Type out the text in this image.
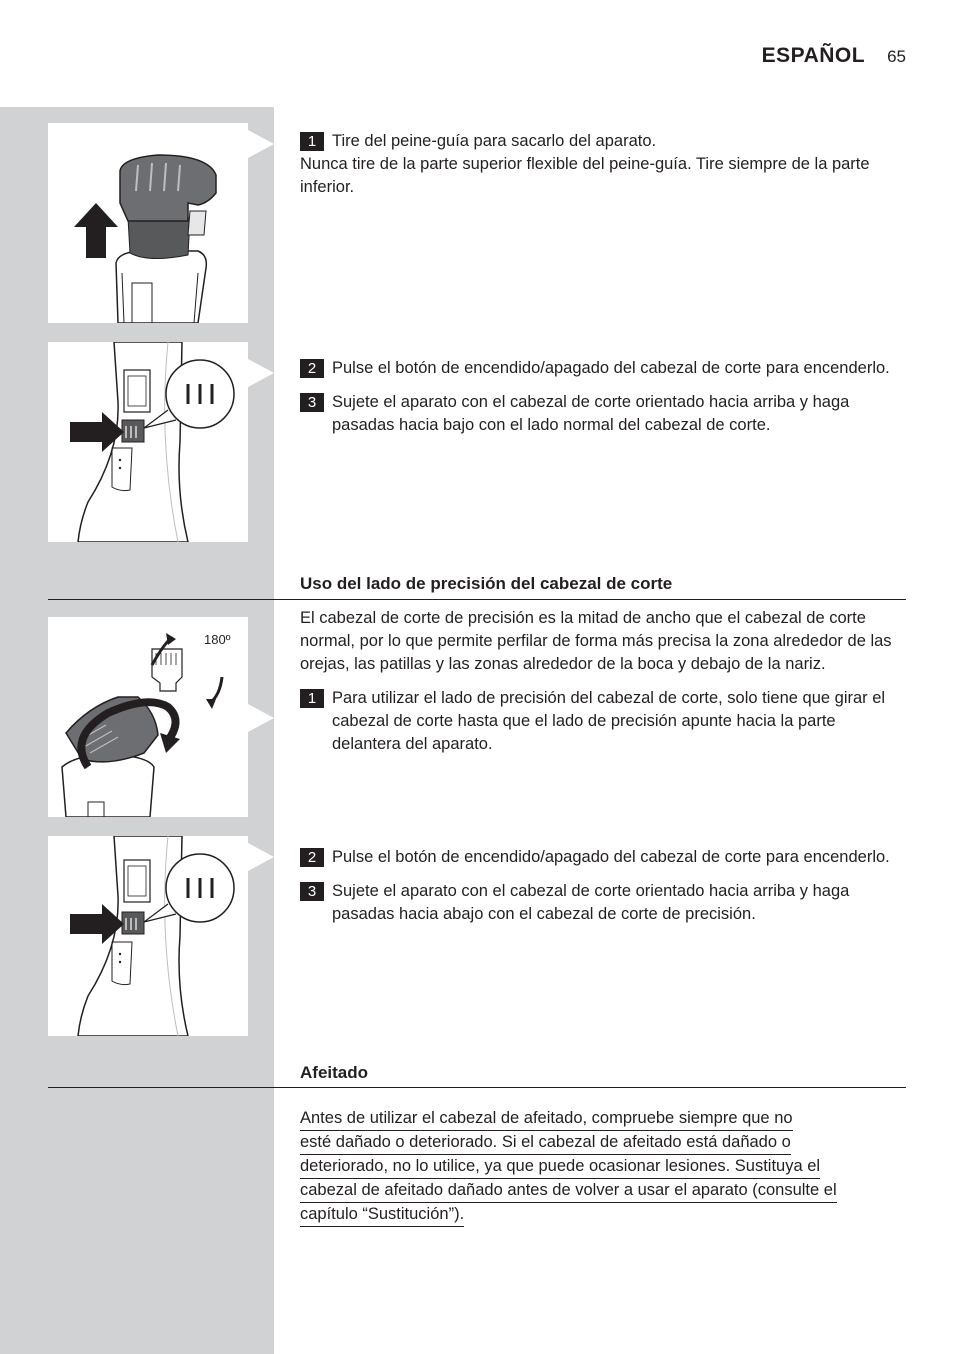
ESPAÑOL 65
1 Tire del peine-guía para sacarlo del aparato.

Nunca tire de la parte superior flexible del peine-guía. Tire siempre de la parte inferior.

2 Pulse el botón de encendido/apagado del cabezal de corte para encenderlo.
3 Sujete el aparato con el cabezal de corte orientado hacia arriba y haga pasadas hacia bajo con el lado normal del cabezal de corte.
Uso del lado de precisión del cabezal de corte
180º

El cabezal de corte de precisión es la mitad de ancho que el cabezal de corte normal, por lo que permite perfilar de forma más precisa la zona alrededor de las orejas, las patillas y las zonas alrededor de la boca y debajo de la nariz.

1 Para utilizar el lado de precisión del cabezal de corte, solo tiene que girar el cabezal de corte hasta que el lado de precisión apunte hacia la parte delantera del aparato.
2 Pulse el botón de encendido/apagado del cabezal de corte para encenderlo.
3 Sujete el aparato con el cabezal de corte orientado hacia arriba y haga pasadas hacia abajo con el cabezal de corte de precisión.
Afeitado
Antes de utilizar el cabezal de afeitado, compruebe siempre que no
esté dañado o deteriorado. Si el cabezal de afeitado está dañado o
deteriorado, no lo utilice, ya que puede ocasionar lesiones. Sustituya el
cabezal de afeitado dañado antes de volver a usar el aparato (consulte el
capítulo “Sustitución”).
